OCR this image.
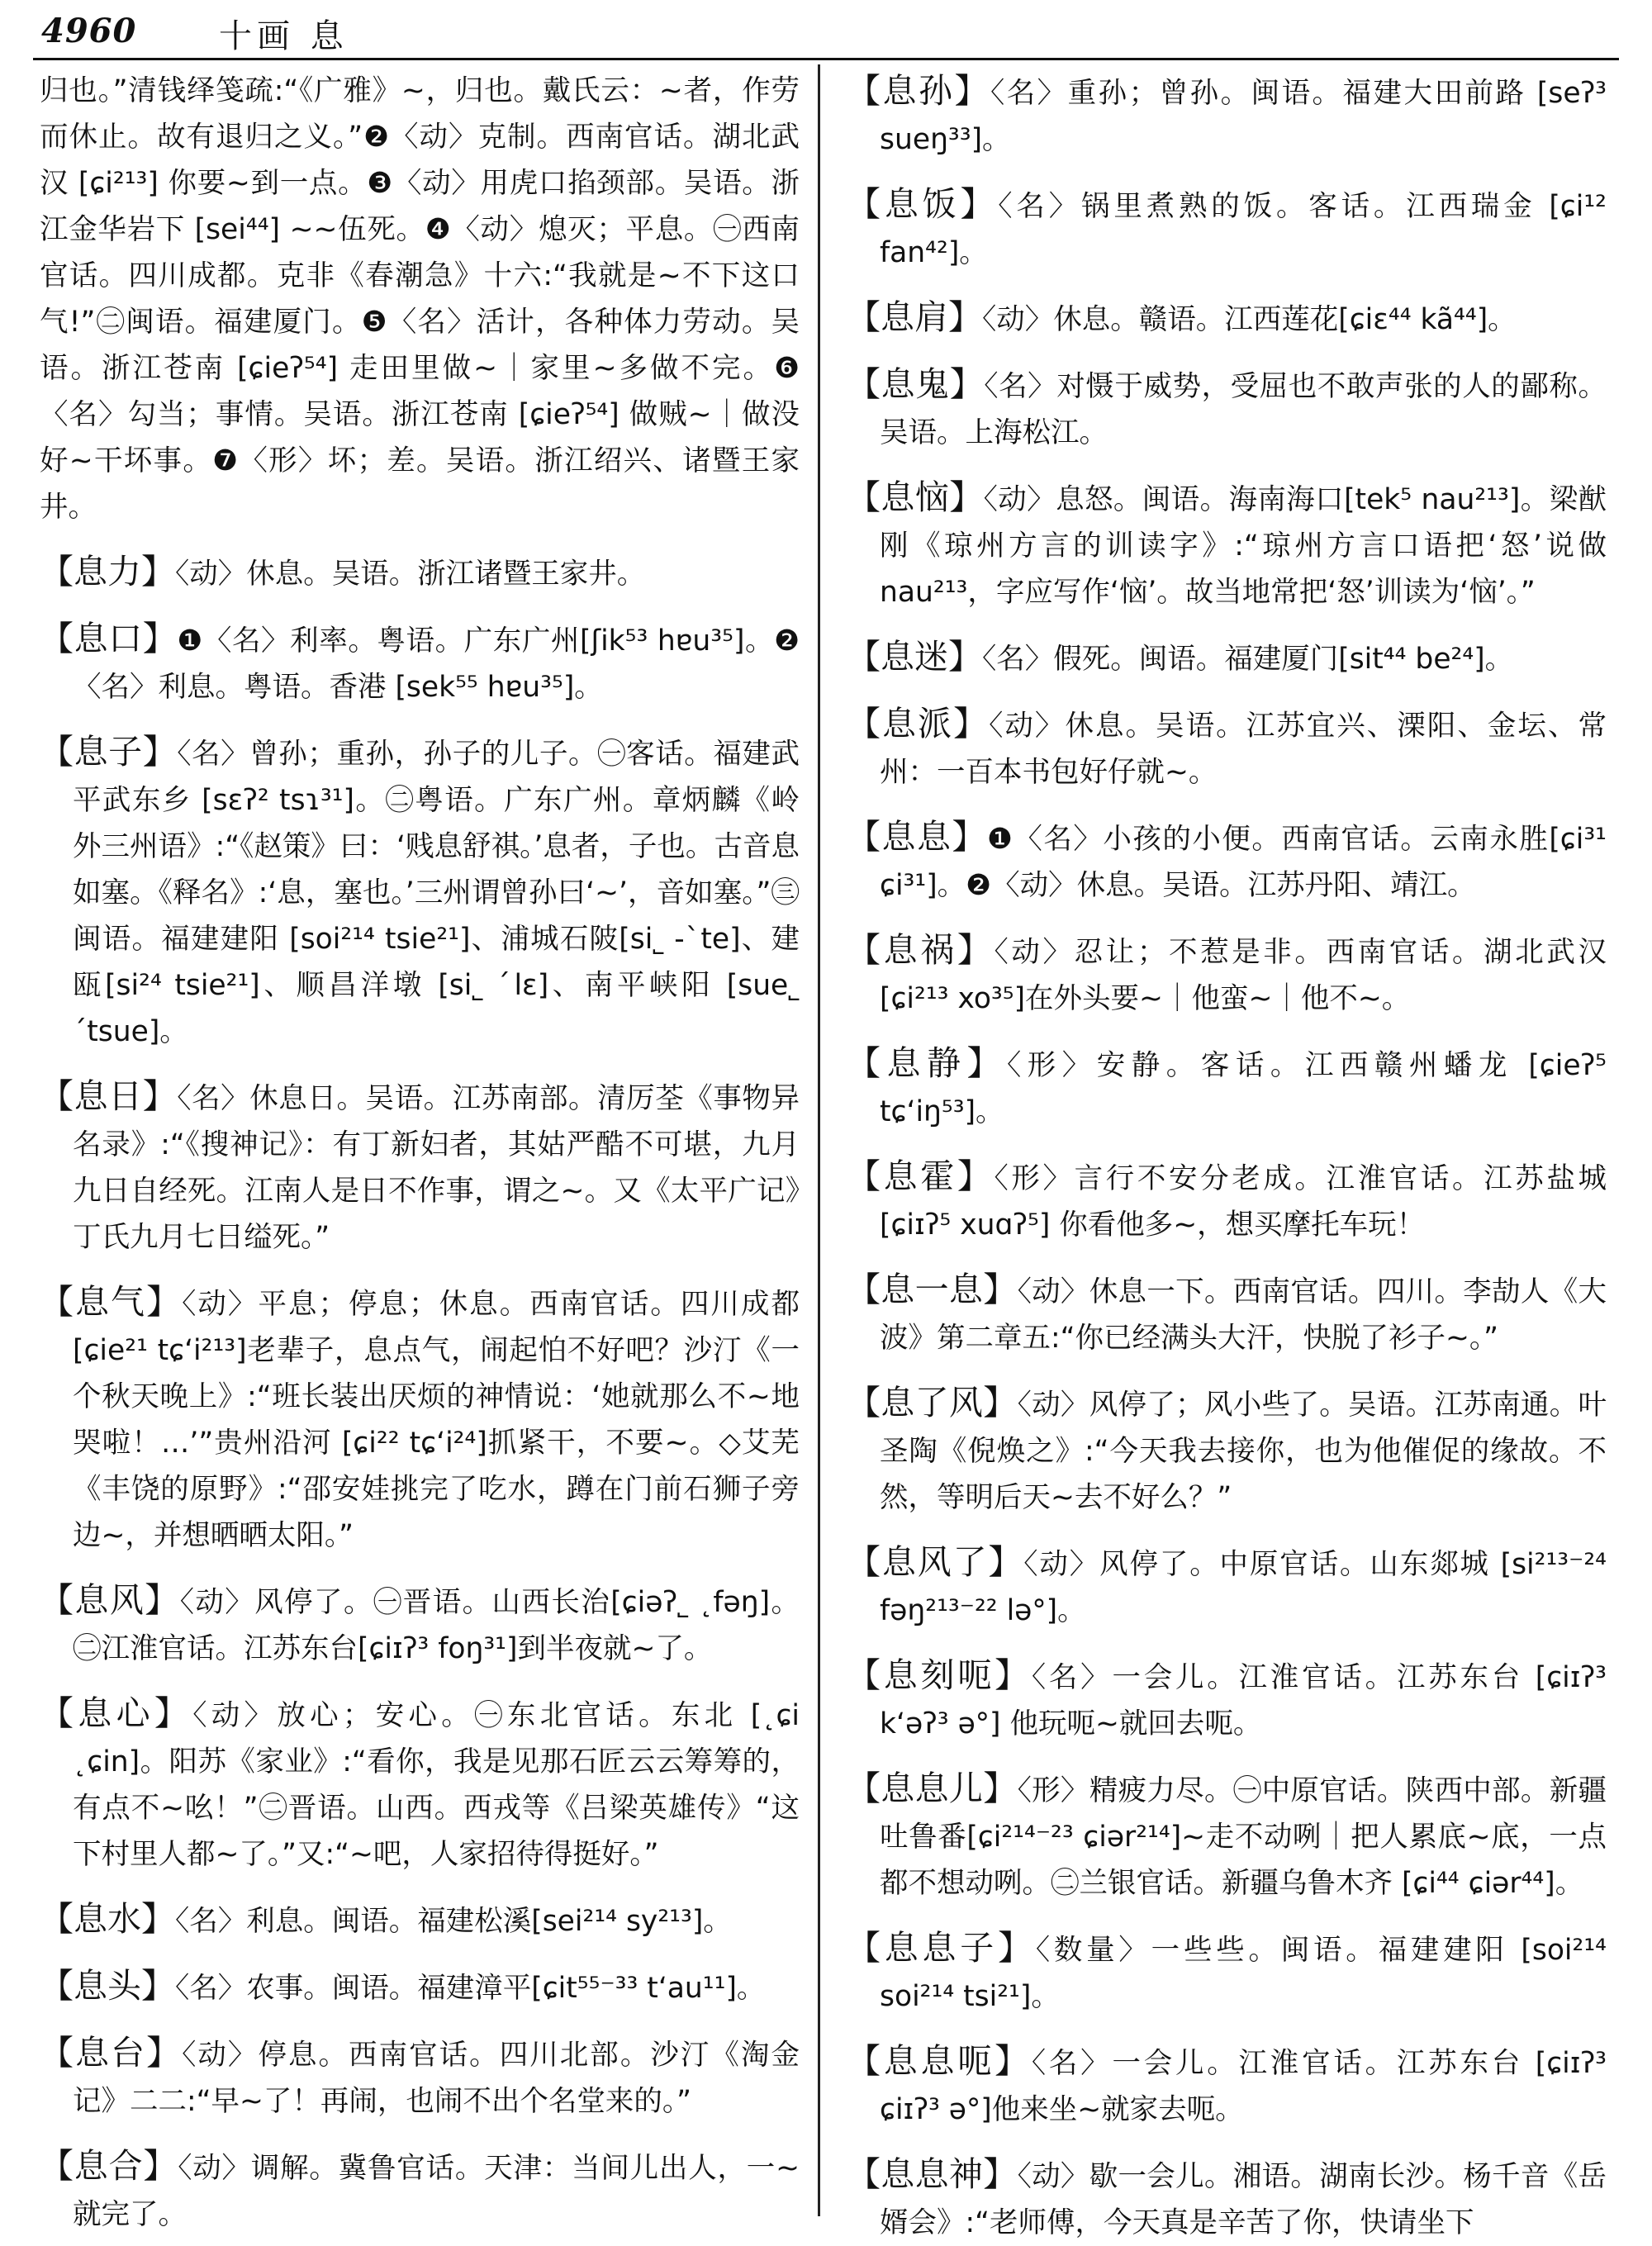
4960 十画 息

归也。”清钱绎笺疏:“《广雅》~，归也。戴氏云：~者，作劳而休止。故有退归之义。”❷〈动〉克制。西南官话。湖北武汉 [ɕi²¹³] 你要~到一点。❸〈动〉用虎口掐颈部。吴语。浙江金华岩下 [sei⁴⁴] ~~伍死。❹〈动〉熄灭；平息。㊀西南官话。四川成都。克非《春潮急》十六:“我就是~不下这口气!”㊁闽语。福建厦门。❺〈名〉活计，各种体力劳动。吴语。浙江苍南 [ɕieʔ⁵⁴] 走田里做~｜家里~多做不完。❻〈名〉勾当；事情。吴语。浙江苍南 [ɕieʔ⁵⁴] 做贼~｜做没好~干坏事。❼〈形〉坏；差。吴语。浙江绍兴、诸暨王家井。

【息力】〈动〉休息。吴语。浙江诸暨王家井。

【息口】❶〈名〉利率。粤语。广东广州[ʃik⁵³ hɐu³⁵]。❷〈名〉利息。粤语。香港 [sek⁵⁵ hɐu³⁵]。

【息子】〈名〉曾孙；重孙，孙子的儿子。㊀客话。福建武平武东乡 [sɛʔ² tsɿ³¹]。㊁粤语。广东广州。章炳麟《岭外三州语》:“《赵策》曰：‘贱息舒祺。’息者，子也。古音息如塞。《释名》:‘息，塞也。’三州谓曾孙曰‘~’，音如塞。”㊂闽语。福建建阳 [soi²¹⁴ tsie²¹]、浦城石陂[si˾ -ˋte]、建瓯[si²⁴ tsie²¹]、顺昌洋墩 [si˾ ˊlɛ]、南平峡阳 [sue˾ ˊtsue]。

【息日】〈名〉休息日。吴语。江苏南部。清厉荃《事物异名录》:“《搜神记》：有丁新妇者，其姑严酷不可堪，九月九日自经死。江南人是日不作事，谓之~。又《太平广记》丁氏九月七日缢死。”

【息气】〈动〉平息；停息；休息。西南官话。四川成都 [ɕie²¹ tɕʻi²¹³]老辈子，息点气，闹起怕不好吧？沙汀《一个秋天晚上》:“班长装出厌烦的神情说：‘她就那么不~地哭啦！…’”贵州沿河 [ɕi²² tɕʻi²⁴]抓紧干，不要~。◇艾芜《丰饶的原野》:“邵安娃挑完了吃水，蹲在门前石狮子旁边~，并想晒晒太阳。”

【息风】〈动〉风停了。㊀晋语。山西长治[ɕiəʔ˾ ˛fəŋ]。㊁江淮官话。江苏东台[ɕiɪʔ³ foŋ³¹]到半夜就~了。

【息心】〈动〉放心；安心。㊀东北官话。东北 [˛ɕi ˛ɕin]。阳苏《家业》:“看你，我是见那石匠云云筹筹的，有点不~吆！”㊁晋语。山西。西戎等《吕梁英雄传》“这下村里人都~了。”又:“~吧，人家招待得挺好。”

【息水】〈名〉利息。闽语。福建松溪[sei²¹⁴ sy²¹³]。

【息头】〈名〉农事。闽语。福建漳平[ɕit⁵⁵⁻³³ tʻau¹¹]。

【息台】〈动〉停息。西南官话。四川北部。沙汀《淘金记》二二:“早~了！再闹，也闹不出个名堂来的。”

【息合】〈动〉调解。冀鲁官话。天津：当间儿出人，一~就完了。

【息孙】〈名〉重孙；曾孙。闽语。福建大田前路 [seʔ³ sueŋ³³]。

【息饭】〈名〉锅里煮熟的饭。客话。江西瑞金 [ɕi¹² fan⁴²]。

【息肩】〈动〉休息。赣语。江西莲花[ɕiɛ⁴⁴ kã⁴⁴]。

【息鬼】〈名〉对慑于威势，受屈也不敢声张的人的鄙称。吴语。上海松江。

【息恼】〈动〉息怒。闽语。海南海口[tek⁵ nau²¹³]。梁猷刚《琼州方言的训读字》:“琼州方言口语把‘怒’说做nau²¹³，字应写作‘恼’。故当地常把‘怒’训读为‘恼’。”

【息迷】〈名〉假死。闽语。福建厦门[sit⁴⁴ be²⁴]。

【息派】〈动〉休息。吴语。江苏宜兴、溧阳、金坛、常州：一百本书包好仔就~。

【息息】❶〈名〉小孩的小便。西南官话。云南永胜[ɕi³¹ ɕi³¹]。❷〈动〉休息。吴语。江苏丹阳、靖江。

【息祸】〈动〉忍让；不惹是非。西南官话。湖北武汉 [ɕi²¹³ xo³⁵]在外头要~｜他蛮~｜他不~。

【息静】〈形〉安静。客话。江西赣州蟠龙 [ɕieʔ⁵ tɕʻiŋ⁵³]。

【息霍】〈形〉言行不安分老成。江淮官话。江苏盐城 [ɕiɪʔ⁵ xuɑʔ⁵] 你看他多~，想买摩托车玩！

【息一息】〈动〉休息一下。西南官话。四川。李劼人《大波》第二章五:“你已经满头大汗，快脱了衫子~。”

【息了风】〈动〉风停了；风小些了。吴语。江苏南通。叶圣陶《倪焕之》:“今天我去接你，也为他催促的缘故。不然，等明后天~去不好么？”

【息风了】〈动〉风停了。中原官话。山东郯城 [si²¹³⁻²⁴ fəŋ²¹³⁻²² lə°]。

【息刻呃】〈名〉一会儿。江淮官话。江苏东台 [ɕiɪʔ³ kʻəʔ³ ə°] 他玩呃~就回去呃。

【息息儿】〈形〉精疲力尽。㊀中原官话。陕西中部。新疆吐鲁番[ɕi²¹⁴⁻²³ ɕiər²¹⁴]~走不动咧｜把人累底~底，一点都不想动咧。㊁兰银官话。新疆乌鲁木齐 [ɕi⁴⁴ ɕiər⁴⁴]。

【息息子】〈数量〉一些些。闽语。福建建阳 [soi²¹⁴ soi²¹⁴ tsi²¹]。

【息息呃】〈名〉一会儿。江淮官话。江苏东台 [ɕiɪʔ³ ɕiɪʔ³ ə°]他来坐~就家去呃。

【息息神】〈动〉歇一会儿。湘语。湖南长沙。杨千音《岳婿会》:“老师傅，今天真是辛苦了你，快请坐下
